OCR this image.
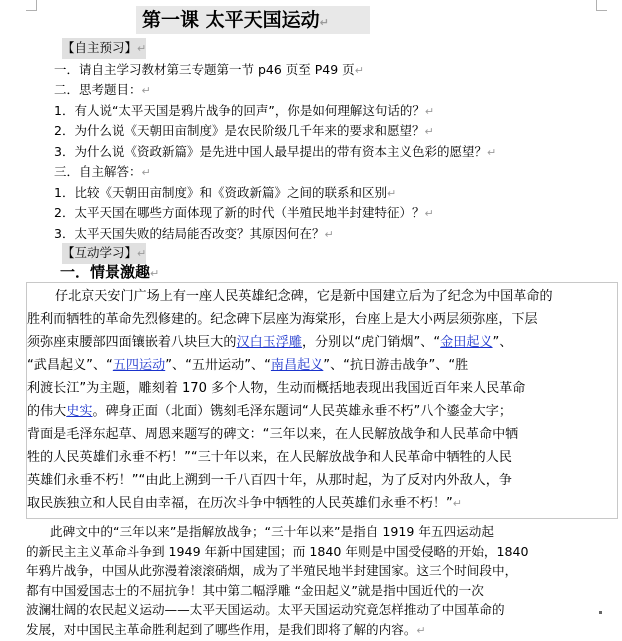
第一课 太平天国运动↵
【自主预习】↵
一．请自主学习教材第三专题第一节 p46 页至 P49 页↵
二．思考题目：↵
1．有人说“太平天国是鸦片战争的回声”，你是如何理解这句话的？↵
2．为什么说《天朝田亩制度》是农民阶级几千年来的要求和愿望？↵
3．为什么说《资政新篇》是先进中国人最早提出的带有资本主义色彩的愿望？↵
三．自主解答：↵
1．比较《天朝田亩制度》和《资政新篇》之间的联系和区别↵
2．太平天国在哪些方面体现了新的时代（半殖民地半封建特征）？↵
3．太平天国失败的结局能否改变？其原因何在？↵
【互动学习】↵
一．情景激趣↵
仔北京天安门广场上有一座人民英雄纪念碑，它是新中国建立后为了纪念为中国革命的
胜利而牺牲的革命先烈修建的。纪念碑下层座为海棠形，台座上是大小两层须弥座，下层
须弥座束腰部四面镶嵌着八块巨大的汉白玉浮雕，分别以“虎门销烟”、“金田起义”、
“武昌起义”、“五四运动”、“五卅运动”、“南昌起义”、“抗日游击战争”、“胜
利渡长江”为主题，雕刻着 170 多个人物，生动而概括地表现出我国近百年来人民革命
的伟大史实。碑身正面（北面）镌刻毛泽东题词“人民英雄永垂不朽”八个鎏金大字；
背面是毛泽东起草、周恩来题写的碑文：“三年以来，在人民解放战争和人民革命中牺
牲的人民英雄们永垂不朽！”“三十年以来，在人民解放战争和人民革命中牺牲的人民
英雄们永垂不朽！”“由此上溯到一千八百四十年，从那时起，为了反对内外敌人，争
取民族独立和人民自由幸福，在历次斗争中牺牲的人民英雄们永垂不朽！”↵
此碑文中的“三年以来”是指解放战争；“三十年以来”是指自 1919 年五四运动起
的新民主主义革命斗争到 1949 年新中国建国；而 1840 年则是中国受侵略的开始，1840
年鸦片战争，中国从此弥漫着滚滚硝烟，成为了半殖民地半封建国家。这三个时间段中，
都有中国爱国志士的不屈抗争！其中第二幅浮雕 “金田起义”就是指中国近代的一次
波澜壮阔的农民起义运动——太平天国运动。太平天国运动究竟怎样推动了中国革命的
发展，对中国民主革命胜利起到了哪些作用，是我们即将了解的内容。↵
